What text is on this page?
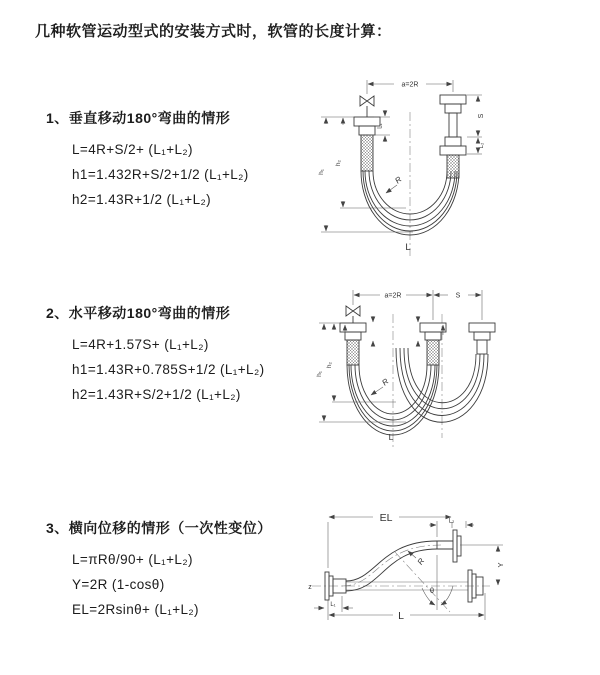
几种软管运动型式的安装方式时，软管的长度计算：
1、垂直移动180°弯曲的情形
L=4R+S/2+ (L₁+L₂)
h1=1.432R+S/2+1/2 (L₁+L₂)
h2=1.43R+1/2 (L₁+L₂)
2、水平移动180°弯曲的情形
L=4R+1.57S+ (L₁+L₂)
h1=1.43R+0.785S+1/2 (L₁+L₂)
h2=1.43R+S/2+1/2 (L₁+L₂)
3、横向位移的情形（一次性变位）
L=πRθ/90+ (L₁+L₂)
Y=2R (1-cosθ)
EL=2Rsinθ+ (L₁+L₂)
a=2R
L₁
S
L₂
h₁
h₂
R
L
a=2R	S
h₁
h₂
R
L
EL	L₂
Y
R
θ
z
L₁
L
